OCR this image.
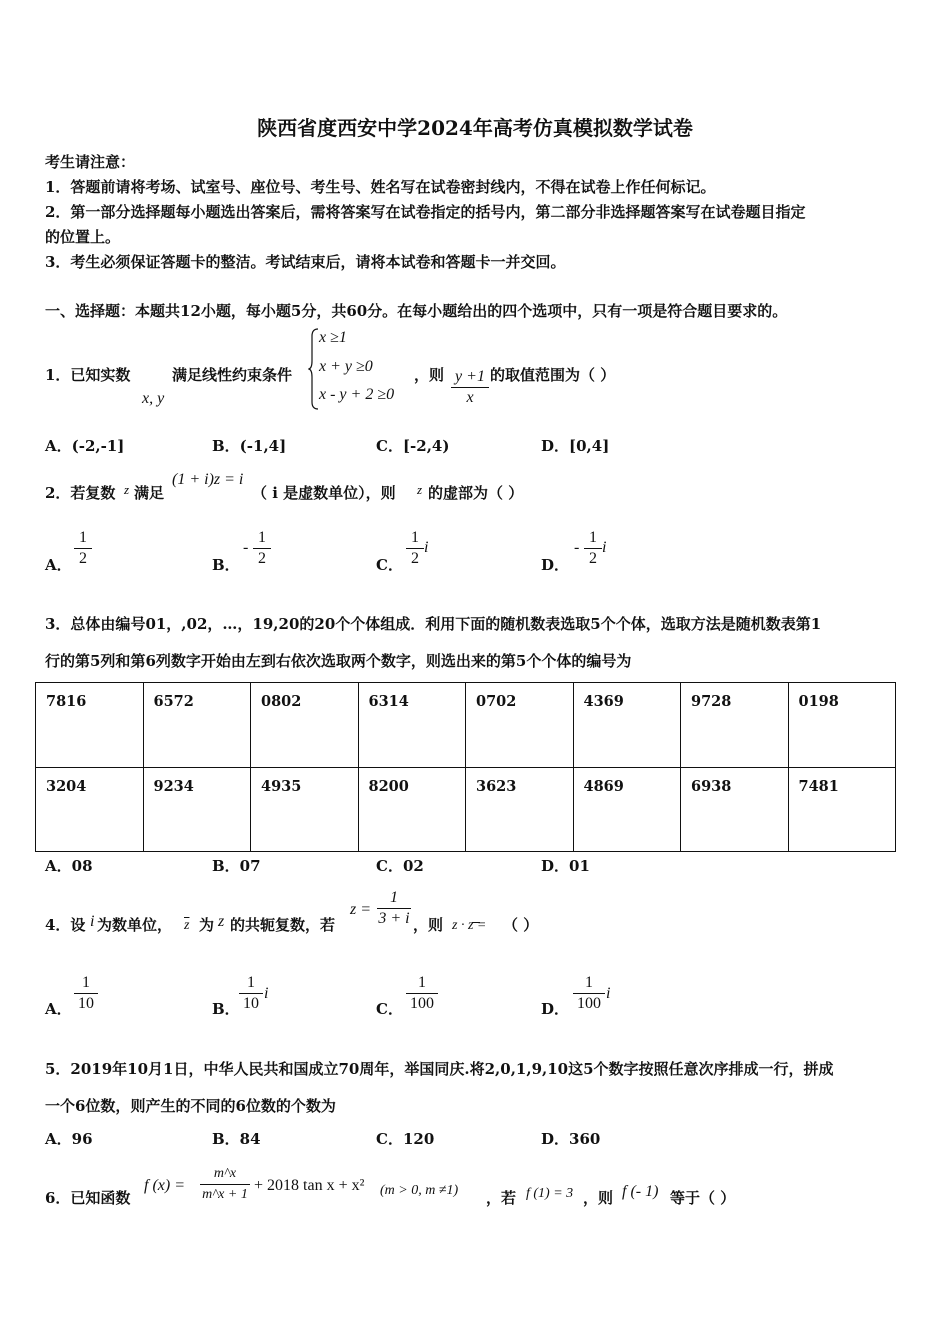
陕西省度西安中学2024年高考仿真模拟数学试卷
考生请注意：
1．答题前请将考场、试室号、座位号、考生号、姓名写在试卷密封线内，不得在试卷上作任何标记。
2．第一部分选择题每小题选出答案后，需将答案写在试卷指定的括号内，第二部分非选择题答案写在试卷题目指定
的位置上。
3．考生必须保证答题卡的整洁。考试结束后，请将本试卷和答题卡一并交回。
一、选择题：本题共12小题，每小题5分，共60分。在每小题给出的四个选项中，只有一项是符合题目要求的。
1．已知实数
x, y
满足线性约束条件
x ≥1
x + y ≥0
x - y + 2 ≥0
，则 y +1
x
的取值范围为（ ）
A．(-2,-1]	B．(-1,4]	C．[-2,4)	D．[0,4]
2．若复数 z 满足
(1 + i)z = i
（ i 是虚数单位），则 z 的虚部为（ ）
A．
1
2	B．
-
1
2	C．
1
2
i
D．
-
1
2
i
3．总体由编号01，,02，…，19,20的20个个体组成．利用下面的随机数表选取5个个体，选取方法是随机数表第1
行的第5列和第6列数字开始由左到右依次选取两个数字，则选出来的第5个个体的编号为
7816	6572	0802	6314	0702	4369	9728	0198
3204	9234	4935	8200	3623	4869	6938	7481
A．08	B．07	C．02	D．01
4．设 i 为数单位， $\overline{z}$ 为 z 的共轭复数，若
z =
1
3 + i ，则 z · z = （ ）
A．
1
10	B．
1
10
i
C．
1
100	D．
1
100
i
5．2019年10月1日，中华人民共和国成立70周年，举国同庆.将2,0,1,9,10这5个数字按照任意次序排成一行，拼成
一个6位数，则产生的不同的6位数的个数为
A．96	B．84	C．120	D．360
6．已知函数
f (x) =
m^x
m^x + 1
+ 2018 tan x + x² (m > 0, m ≠1) ，若 f (1) = 3 ，则 f (- 1) 等于（ ）
